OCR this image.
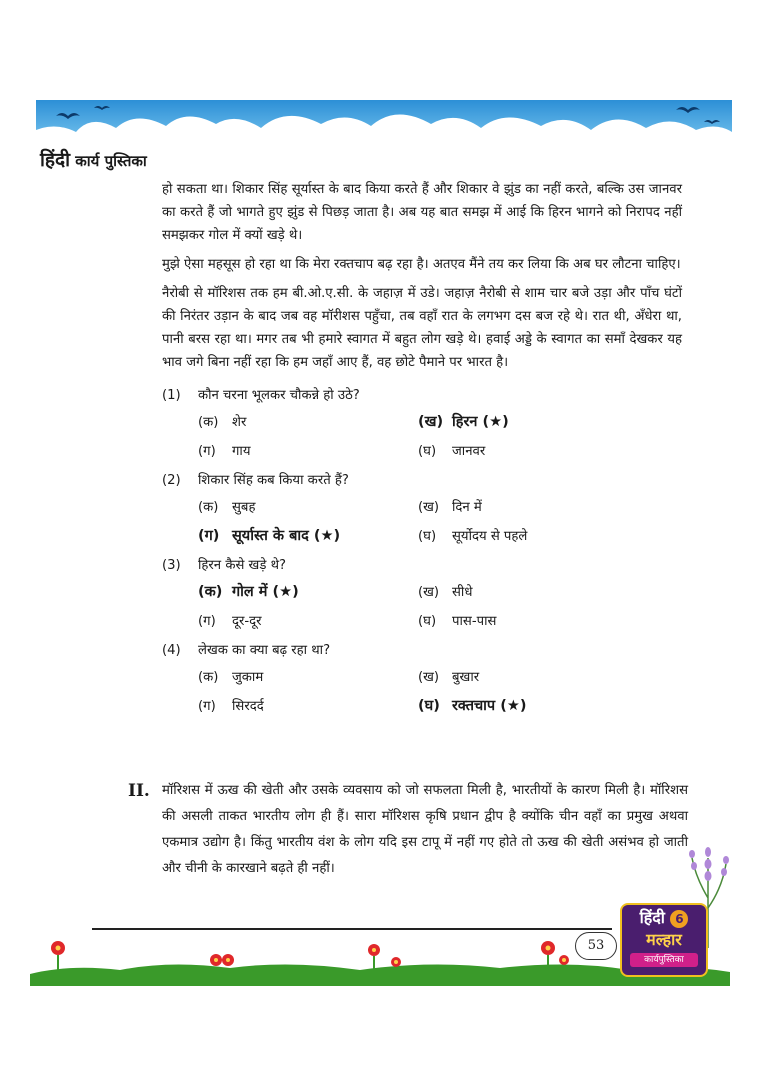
हिंदी कार्य पुस्तिका

हो सकता था। शिकार सिंह सूर्यास्त के बाद किया करते हैं और शिकार वे झुंड का नहीं करते, बल्कि उस जानवर का करते हैं जो भागते हुए झुंड से पिछड़ जाता है। अब यह बात समझ में आई कि हिरन भागने को निरापद नहीं समझकर गोल में क्यों खड़े थे।

मुझे ऐसा महसूस हो रहा था कि मेरा रक्तचाप बढ़ रहा है। अतएव मैंने तय कर लिया कि अब घर लौटना चाहिए।

नैरोबी से मॉरिशस तक हम बी.ओ.ए.सी. के जहाज़ में उडे। जहाज़ नैरोबी से शाम चार बजे उड़ा और पाँच घंटों की निरंतर उड़ान के बाद जब वह मॉरीशस पहुँचा, तब वहाँ रात के लगभग दस बज रहे थे। रात थी, अँधेरा था, पानी बरस रहा था। मगर तब भी हमारे स्वागत में बहुत लोग खड़े थे। हवाई अड्डे के स्वागत का समाँ देखकर यह भाव जगे बिना नहीं रहा कि हम जहाँ आए हैं, वह छोटे पैमाने पर भारत है।

(1) कौन चरना भूलकर चौकन्ने हो उठे?
(क) शेर	(ख) हिरन (★)
(ग) गाय	(घ) जानवर
(2) शिकार सिंह कब किया करते हैं?
(क) सुबह	(ख) दिन में
(ग) सूर्यास्त के बाद (★)	(घ) सूर्योदय से पहले
(3) हिरन कैसे खड़े थे?
(क) गोल में (★)	(ख) सीधे
(ग) दूर-दूर	(घ) पास-पास
(4) लेखक का क्या बढ़ रहा था?
(क) जुकाम	(ख) बुखार
(ग) सिरदर्द	(घ) रक्तचाप (★)
II. मॉरिशस में ऊख की खेती और उसके व्यवसाय को जो सफलता मिली है, भारतीयों के कारण मिली है। मॉरिशस की असली ताकत भारतीय लोग ही हैं। सारा मॉरिशस कृषि प्रधान द्वीप है क्योंकि चीन वहाँ का प्रमुख अथवा एकमात्र उद्योग है। किंतु भारतीय वंश के लोग यदि इस टापू में नहीं गए होते तो ऊख की खेती असंभव हो जाती और चीनी के कारखाने बढ़ते ही नहीं।
53
हिंदी 6
मल्हार
कार्यपुस्तिका
